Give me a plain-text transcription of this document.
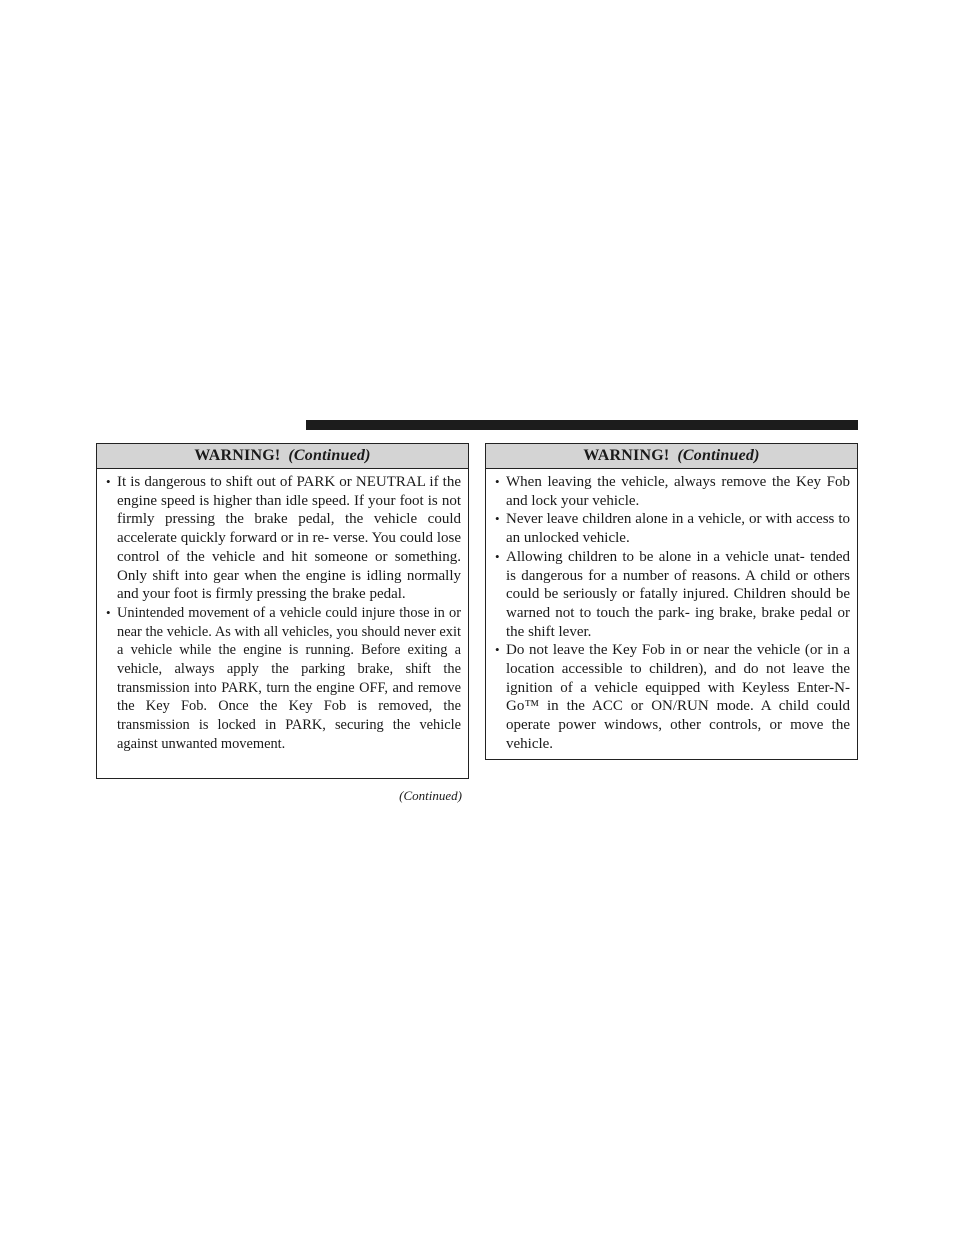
WARNING! (Continued)
• It is dangerous to shift out of PARK or NEUTRAL if the engine speed is higher than idle speed. If your foot is not firmly pressing the brake pedal, the vehicle could accelerate quickly forward or in re- verse. You could lose control of the vehicle and hit someone or something. Only shift into gear when the engine is idling normally and your foot is firmly pressing the brake pedal.
• Unintended movement of a vehicle could injure those in or near the vehicle. As with all vehicles, you should never exit a vehicle while the engine is running. Before exiting a vehicle, always apply the parking brake, shift the transmission into PARK, turn the engine OFF, and remove the Key Fob. Once the Key Fob is removed, the transmission is locked in PARK, securing the vehicle against unwanted movement.
WARNING! (Continued)
• When leaving the vehicle, always remove the Key Fob and lock your vehicle.
• Never leave children alone in a vehicle, or with access to an unlocked vehicle.
• Allowing children to be alone in a vehicle unat- tended is dangerous for a number of reasons. A child or others could be seriously or fatally injured. Children should be warned not to touch the park- ing brake, brake pedal or the shift lever.
• Do not leave the Key Fob in or near the vehicle (or in a location accessible to children), and do not leave the ignition of a vehicle equipped with Keyless Enter-N-Go™ in the ACC or ON/RUN mode. A child could operate power windows, other controls, or move the vehicle.
(Continued)
